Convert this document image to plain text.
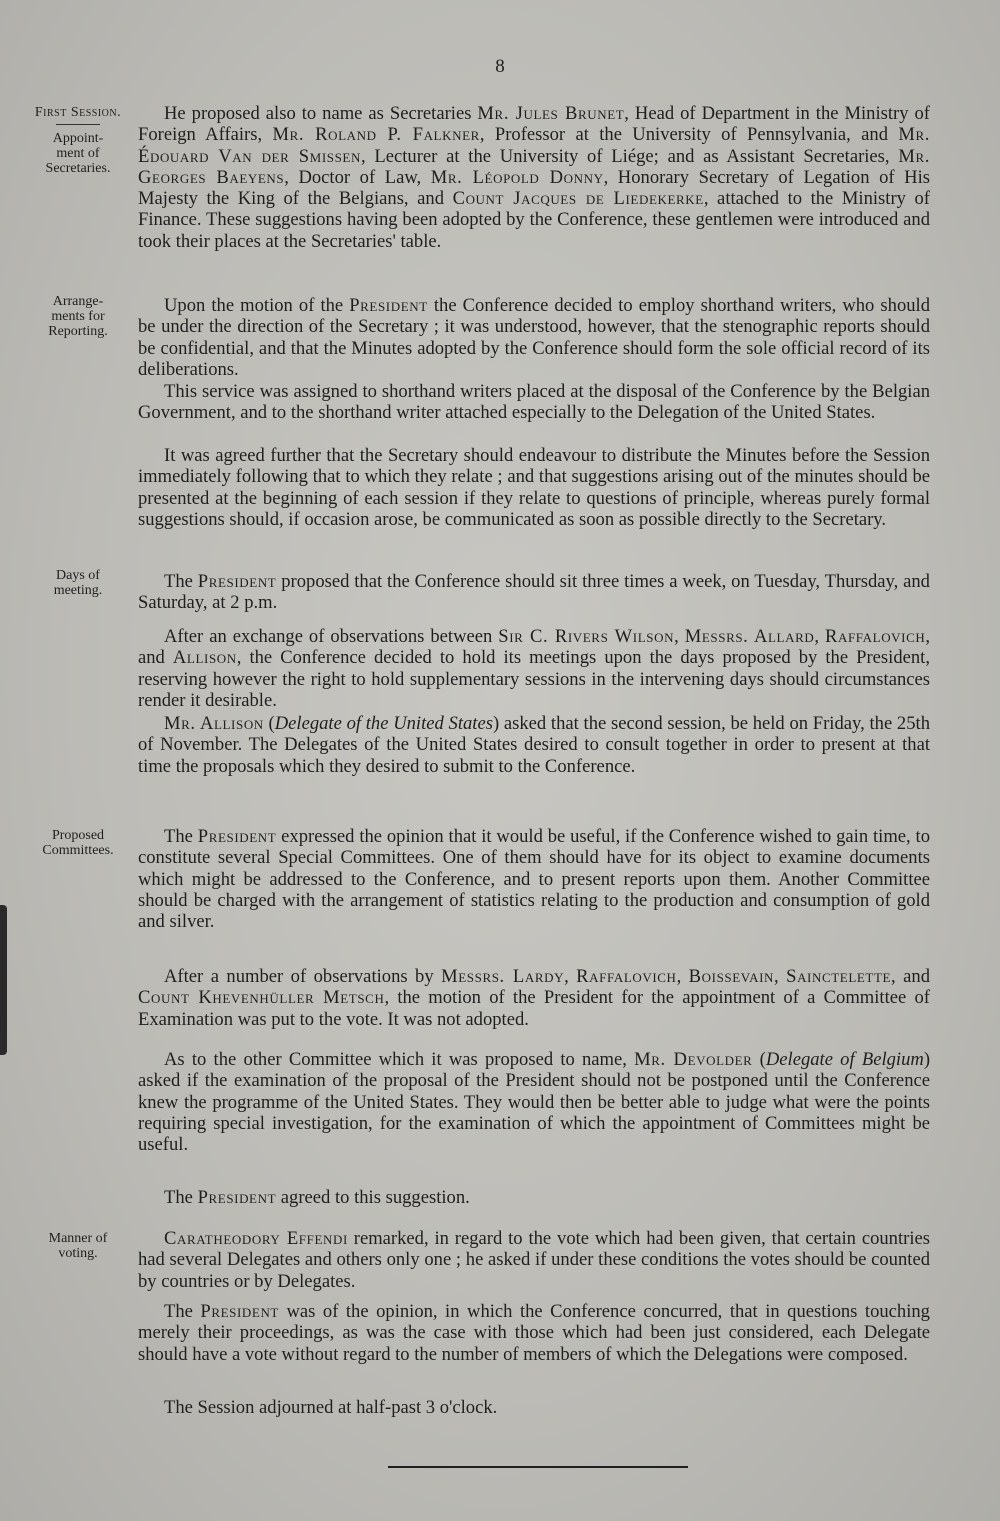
8
First Session.
Appoint-
ment of
Secretaries.
He proposed also to name as Secretaries Mr. Jules Brunet, Head of Department in the Ministry of Foreign Affairs, Mr. Roland P. Falkner, Professor at the University of Pennsylvania, and Mr. Édouard Van der Smissen, Lecturer at the University of Liége; and as Assistant Secretaries, Mr. Georges Baeyens, Doctor of Law, Mr. Léopold Donny, Honorary Secretary of Legation of His Majesty the King of the Belgians, and Count Jacques de Liedekerke, attached to the Ministry of Finance. These suggestions having been adopted by the Conference, these gentlemen were introduced and took their places at the Secretaries' table.
Arrange-
ments for
Reporting.
Upon the motion of the President the Conference decided to employ shorthand writers, who should be under the direction of the Secretary ; it was understood, however, that the stenographic reports should be confidential, and that the Minutes adopted by the Conference should form the sole official record of its deliberations.
This service was assigned to shorthand writers placed at the disposal of the Conference by the Belgian Government, and to the shorthand writer attached especially to the Delegation of the United States.
It was agreed further that the Secretary should endeavour to distribute the Minutes before the Session immediately following that to which they relate ; and that suggestions arising out of the minutes should be presented at the beginning of each session if they relate to questions of principle, whereas purely formal suggestions should, if occasion arose, be communicated as soon as possible directly to the Secretary.
Days of
meeting.	The President proposed that the Conference should sit three times a week, on Tuesday, Thursday, and Saturday, at 2 p.m.
After an exchange of observations between Sir C. Rivers Wilson, Messrs. Allard, Raffalovich, and Allison, the Conference decided to hold its meetings upon the days proposed by the President, reserving however the right to hold supplementary sessions in the intervening days should circumstances render it desirable.
Mr. Allison (Delegate of the United States) asked that the second session, be held on Friday, the 25th of November. The Delegates of the United States desired to consult together in order to present at that time the proposals which they desired to submit to the Conference.
Proposed
Committees.
The President expressed the opinion that it would be useful, if the Conference wished to gain time, to constitute several Special Committees. One of them should have for its object to examine documents which might be addressed to the Conference, and to present reports upon them. Another Committee should be charged with the arrangement of statistics relating to the production and consumption of gold and silver.
After a number of observations by Messrs. Lardy, Raffalovich, Boissevain, Sainctelette, and Count Khevenhüller Metsch, the motion of the President for the appointment of a Committee of Examination was put to the vote. It was not adopted.
As to the other Committee which it was proposed to name, Mr. Devolder (Delegate of Belgium) asked if the examination of the proposal of the President should not be postponed until the Conference knew the programme of the United States. They would then be better able to judge what were the points requiring special investigation, for the examination of which the appointment of Committees might be useful.
The President agreed to this suggestion.
Manner of
voting.
Caratheodory Effendi remarked, in regard to the vote which had been given, that certain countries had several Delegates and others only one ; he asked if under these conditions the votes should be counted by countries or by Delegates.
The President was of the opinion, in which the Conference concurred, that in questions touching merely their proceedings, as was the case with those which had been just considered, each Delegate should have a vote without regard to the number of members of which the Delegations were composed.
The Session adjourned at half-past 3 o'clock.
